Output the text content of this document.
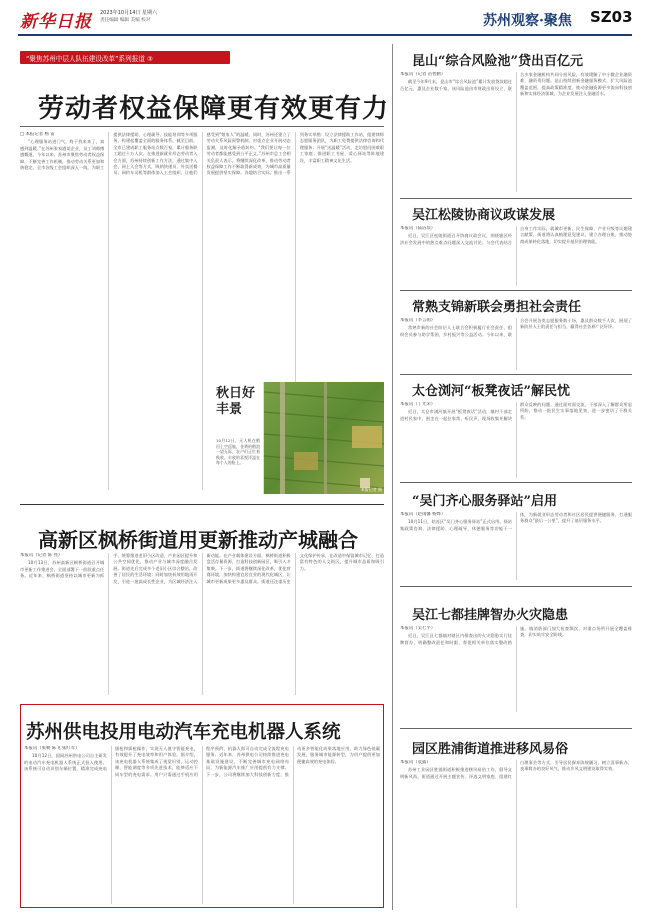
新华日报 2023年10月14日 星期六
责任编辑 编辑 美编 校对	苏州观察·聚焦 SZ03
“聚焦苏州中层人队伍建设改革”系列报道 ③
劳动者权益保障更有效更有力
□ 本报记者 杨 雷

“心理服务站进门气，终于找来来了，真感到温暖。”在苏州张家港某企业，员工刘师傅感慨道。今年以来，苏州市聚焦劳动者权益保障，不断完善工作机制，推动劳动关系更加和谐稳定。全市各级工会组织深入一线，为职工提供法律援助、心理疏导、技能培训等多项服务，构建起覆盖全面的服务体系。截至目前，全市已建成职工服务站点数百家，累计服务职工超过十万人次。在推进新就业形态劳动者入会方面，苏州持续创新工作方法，通过集中入会、网上入会等方式，吸纳快递员、外卖送餐员、网约车司机等群体加入工会组织，让他们感受到“娘家人”的温暖。同时，苏州还建立了劳动关系风险预警机制，对重点企业开展动态监测，及时化解矛盾纠纷。“我们要让每一位劳动者都能感受到公平正义。”苏州市总工会相关负责人表示，将继续深化改革，推动劳动者权益保障工作不断取得新成效，为城市高质量发展提供坚实保障。各地结合实际，推出一系列务实举措：设立法律援助工作站，组建律师志愿服务团队，为职工免费提供法律咨询和代理服务；开展“送温暖”活动，走访慰问困难职工家庭；推进职工书屋、爱心驿站等阵地建设，丰富职工精神文化生活。

秋日好丰景
10月12日，无人机在稻田上空巡航，金黄的稻浪一望无际，农户们正忙着秋收。丰收的喜悦洋溢在每个人的脸上。
本报记者 摄
高新区枫桥街道用更新推动产城融合
本报讯（记者 陈 亮）

10月13日，苏州高新区枫桥街道召开城市更新工作推进会，全面部署下一阶段重点任务。近年来，枫桥街道坚持以城市更新为抓手，统筹推进老旧小区改造、产业园区提升和公共空间优化，推动产业与城市深度融合发展。街道先后完成多个老旧小区综合整治，改善了居民的生活环境；同时加快低效用地再开发，引进一批高成长性企业，为区域经济注入新动能。在产业载体建设方面，枫桥街道积极盘活存量资源，打造科技创新园区，吸引人才集聚。下一步，街道将继续深化改革，优化营商环境，加快构建宜居宜业的现代化城区，让城市更新成果更多惠及群众。街道还注重历史文化保护传承，在改造中保留城市记忆，打造富有特色的人文街区，提升城市品质和吸引力。

苏州供电投用电动汽车充电机器人系统
本报讯（张朝 陈飞 张红军）

10月12日，国网苏州供电公司自主研发的电动汽车充电机器人系统正式投入使用。该系统可自动识别车辆位置，精准完成充电插枪和拔枪操作，实现无人值守智能充电，有效提升了充电效率和用户体验。据介绍，该充电机器人系统集成了视觉识别、运动控制、智能调度等多项先进技术，能够适应不同车型的充电需求。用户只需通过手机应用程序预约，机器人即可自动完成全流程充电服务。近年来，苏州供电公司持续推进充电基础设施建设，不断完善城市充电网络布局，为新能源汽车推广应用提供有力支撑。下一步，公司将继续加大科技创新力度，推动更多智能化成果落地应用，助力绿色低碳发展，服务城市能源转型，为用户提供更加便捷高效的充电体验。

昆山“综合风险池”贷出百亿元
本报讯（记者 苗智勤）

截至今年9月末，昆山市“综合风险池”累计发放贷款超过百亿元，惠及企业数千家。该风险池由市财政出资设立，联合多家金融机构共同分担风险，有效缓解了中小微企业融资难、融资贵问题。昆山持续创新金融服务模式，扩大风险池覆盖范围，提高政策精准度，推动金融资源更多流向科技创新和实体经济领域，为企业发展注入金融活水。

吴江松陵协商议政谋发展
本报讯（陆洁琰）

近日，吴江区松陵街道召开协商议政会议，围绕辖区经济社会发展中的热点难点问题深入交流讨论。与会代表结合自身工作实际，就城市更新、民生保障、产业升级等议题建言献策。街道将认真梳理意见建议，建立办理台账，推动协商成果转化落地，切实提升基层治理效能。

常熟支锦新联会勇担社会责任
本报讯（李言萌）

常熟市新的社会阶层人士联合会积极履行社会责任，组织会员参与助学帮困、乡村振兴等公益活动。今年以来，联合会开展各类志愿服务数十场，惠及群众数千人次，展现了新阶层人士的责任与担当，赢得社会各界广泛好评。

太仓浏河“板凳夜话”解民忧
本报讯（丁光荣）

近日，太仓市浏河镇开展“板凳夜话”活动，镇村干部走进村民家中，围坐在一起拉家常、听民声，现场收集并解决群众反映的问题。通过面对面交流，干部深入了解群众所思所盼，推动一批民生实事落地见效，进一步密切了干群关系。

“吴门齐心服务驿站”启用
本报讯（赵雨馨 杨烨）

10月11日，姑苏区“吴门齐心服务驿站”正式启用。驿站集政策咨询、法律援助、心理疏导、休憩服务等功能于一体，为新就业形态劳动者和社区居民提供便捷服务，打通服务群众“最后一公里”，提升了基层服务水平。

吴江七都挂牌智办火灾隐患
本报讯（吴七平）

近日，吴江区七都镇对辖区内排查出的火灾隐患实行挂牌督办，明确整改责任和时限，督促相关单位落实整改措施。镇消防部门加大检查频次，对重点场所开展全覆盖排查，切实筑牢安全防线。

园区胜浦街道推进移风易俗
本报讯（袁露）

苏州工业园区胜浦街道积极推进移风易俗工作，倡导文明新风尚。街道通过开展主题宣传、评选文明家庭、组建红白理事会等方式，引导居民摒弃陈规陋习，树立喜事新办、丧事简办的良好风气，推动乡风文明建设取得实效。
